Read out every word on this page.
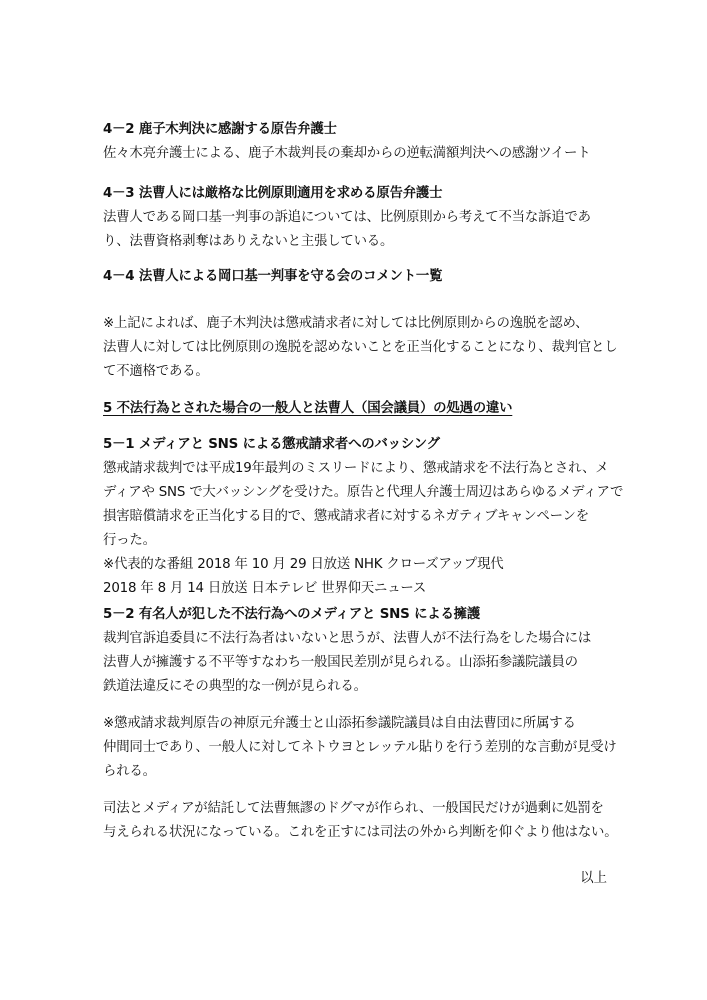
4－2 鹿子木判決に感謝する原告弁護士
佐々木亮弁護士による、鹿子木裁判長の棄却からの逆転満額判決への感謝ツイート
4－3 法曹人には厳格な比例原則適用を求める原告弁護士
法曹人である岡口基一判事の訴追については、比例原則から考えて不当な訴追であ
り、法曹資格剥奪はありえないと主張している。
4－4 法曹人による岡口基一判事を守る会のコメント一覧
※上記によれば、鹿子木判決は懲戒請求者に対しては比例原則からの逸脱を認め、
法曹人に対しては比例原則の逸脱を認めないことを正当化することになり、裁判官とし
て不適格である。
5 不法行為とされた場合の一般人と法曹人（国会議員）の処遇の違い
5－1 メディアと SNS による懲戒請求者へのバッシング
懲戒請求裁判では平成19年最判のミスリードにより、懲戒請求を不法行為とされ、メ
ディアや SNS で大バッシングを受けた。原告と代理人弁護士周辺はあらゆるメディアで
損害賠償請求を正当化する目的で、懲戒請求者に対するネガティブキャンペーンを
行った。
※代表的な番組 2018 年 10 月 29 日放送 NHK クローズアップ現代
2018 年 8 月 14 日放送 日本テレビ 世界仰天ニュース
5－2 有名人が犯した不法行為へのメディアと SNS による擁護
裁判官訴追委員に不法行為者はいないと思うが、法曹人が不法行為をした場合には
法曹人が擁護する不平等すなわち一般国民差別が見られる。山添拓参議院議員の
鉄道法違反にその典型的な一例が見られる。
※懲戒請求裁判原告の神原元弁護士と山添拓参議院議員は自由法曹団に所属する
仲間同士であり、一般人に対してネトウヨとレッテル貼りを行う差別的な言動が見受け
られる。
司法とメディアが結託して法曹無謬のドグマが作られ、一般国民だけが過剰に処罰を
与えられる状況になっている。これを正すには司法の外から判断を仰ぐより他はない。
以上
